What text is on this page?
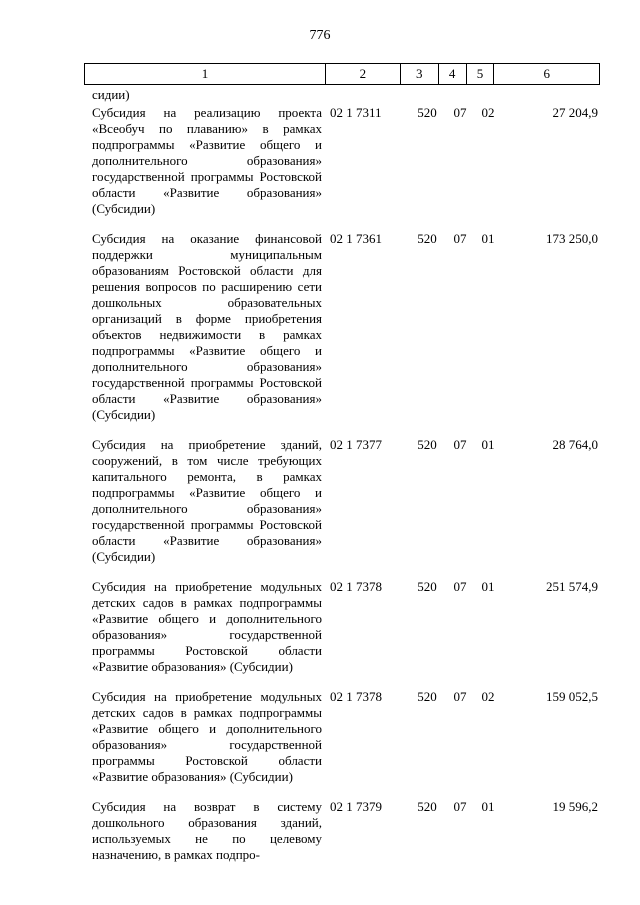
776
1	2	3	4	5	6
сидии)
Субсидия на реализацию проекта «Всеобуч по плаванию» в рамках подпрограммы «Развитие общего и дополнительного образования» государственной программы Ростовской области «Развитие образования» (Субсидии)
02 1 7311	520	07	02	27 204,9
Субсидия на оказание финансовой поддержки муниципальным образованиям Ростовской области для решения вопросов по расширению сети дошкольных образовательных организаций в форме приобретения объектов недвижимости в рамках подпрограммы «Развитие общего и дополнительного образования» государственной программы Ростовской области «Развитие образования» (Субсидии)
02 1 7361	520	07	01	173 250,0
Субсидия на приобретение зданий, сооружений, в том числе требующих капитального ремонта, в рамках подпрограммы «Развитие общего и дополнительного образования» государственной программы Ростовской области «Развитие образования» (Субсидии)
02 1 7377	520	07	01	28 764,0
Субсидия на приобретение модульных детских садов в рамках подпрограммы «Развитие общего и дополнительного образования» государственной программы Ростовской области «Развитие образования» (Субсидии)
02 1 7378	520	07	01	251 574,9
Субсидия на приобретение модульных детских садов в рамках подпрограммы «Развитие общего и дополнительного образования» государственной программы Ростовской области «Развитие образования» (Субсидии)
02 1 7378	520	07	02	159 052,5
Субсидия на возврат в систему дошкольного образования зданий, используемых не по целевому назначению, в рамках подпро-
02 1 7379	520	07	01	19 596,2
